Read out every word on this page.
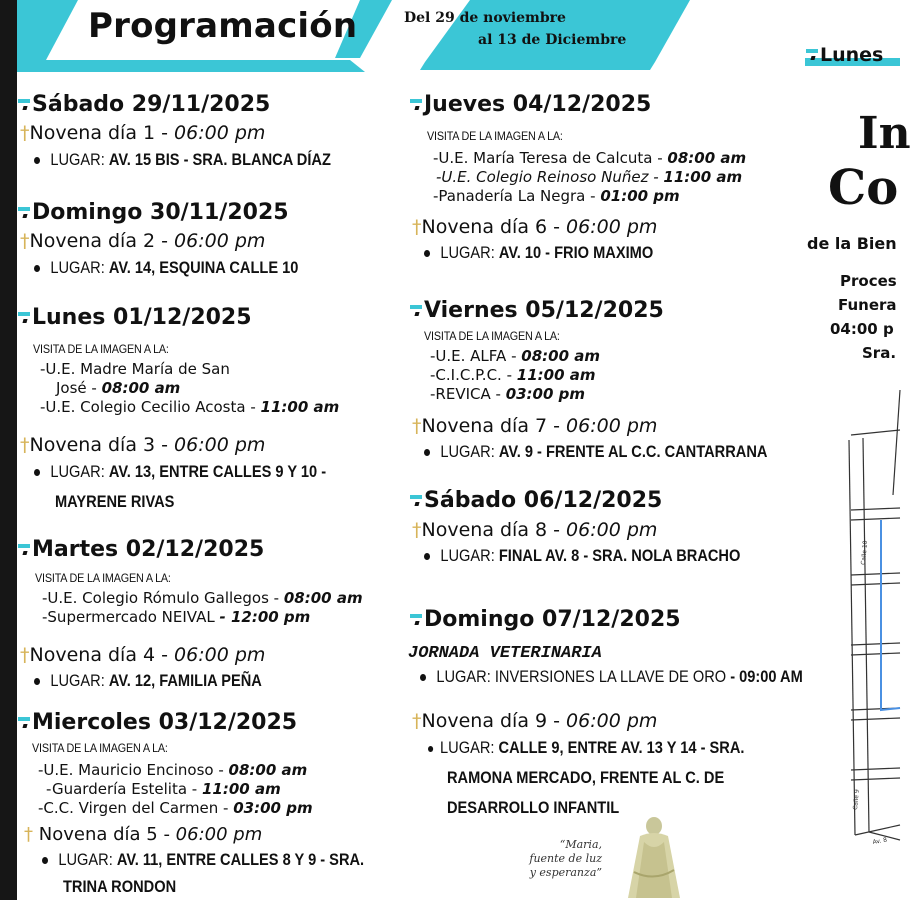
Programación	Del 29 de noviembre
al 13 de Diciembre
Lunes
Sábado 29/11/2025
†Novena día 1 - 06:00 pm
LUGAR: AV. 15 BIS - SRA. BLANCA DÍAZ
Domingo 30/11/2025
†Novena día 2 - 06:00 pm
LUGAR: AV. 14, ESQUINA CALLE 10
Lunes 01/12/2025
VISITA DE LA IMAGEN A LA:
-U.E. Madre María de San
José - 08:00 am
-U.E. Colegio Cecilio Acosta - 11:00 am
†Novena día 3 - 06:00 pm
LUGAR: AV. 13, ENTRE CALLES 9 Y 10 -
MAYRENE RIVAS
Martes 02/12/2025
VISITA DE LA IMAGEN A LA:
-U.E. Colegio Rómulo Gallegos - 08:00 am
-Supermercado NEIVAL - 12:00 pm
†Novena día 4 - 06:00 pm
LUGAR: AV. 12, FAMILIA PEÑA
Miercoles 03/12/2025
VISITA DE LA IMAGEN A LA:
-U.E. Mauricio Encinoso - 08:00 am
-Guardería Estelita - 11:00 am
-C.C. Virgen del Carmen - 03:00 pm
† Novena día 5 - 06:00 pm
LUGAR: AV. 11, ENTRE CALLES 8 Y 9 - SRA.
TRINA RONDON
Jueves 04/12/2025
VISITA DE LA IMAGEN A LA:
-U.E. María Teresa de Calcuta - 08:00 am
-U.E. Colegio Reinoso Nuñez - 11:00 am
-Panadería La Negra - 01:00 pm
†Novena día 6 - 06:00 pm
LUGAR: AV. 10 - FRIO MAXIMO
Viernes 05/12/2025
VISITA DE LA IMAGEN A LA:
-U.E. ALFA - 08:00 am
-C.I.C.P.C. - 11:00 am
-REVICA - 03:00 pm
†Novena día 7 - 06:00 pm
LUGAR: AV. 9 - FRENTE AL C.C. CANTARRANA
Sábado 06/12/2025
†Novena día 8 - 06:00 pm
LUGAR: FINAL AV. 8 - SRA. NOLA BRACHO
Domingo 07/12/2025
JORNADA VETERINARIA
LUGAR: INVERSIONES LA LLAVE DE ORO - 09:00 AM
†Novena día 9 - 06:00 pm
LUGAR: CALLE 9, ENTRE AV. 13 Y 14 - SRA.
RAMONA MERCADO, FRENTE AL C. DE
DESARROLLO INFANTIL
“Maria,
fuente de luz
y esperanza”
In
Co
de la Bien
Proces
Funera
04:00 p
Sra.
Calle 10
Calle 9
Av. 8
